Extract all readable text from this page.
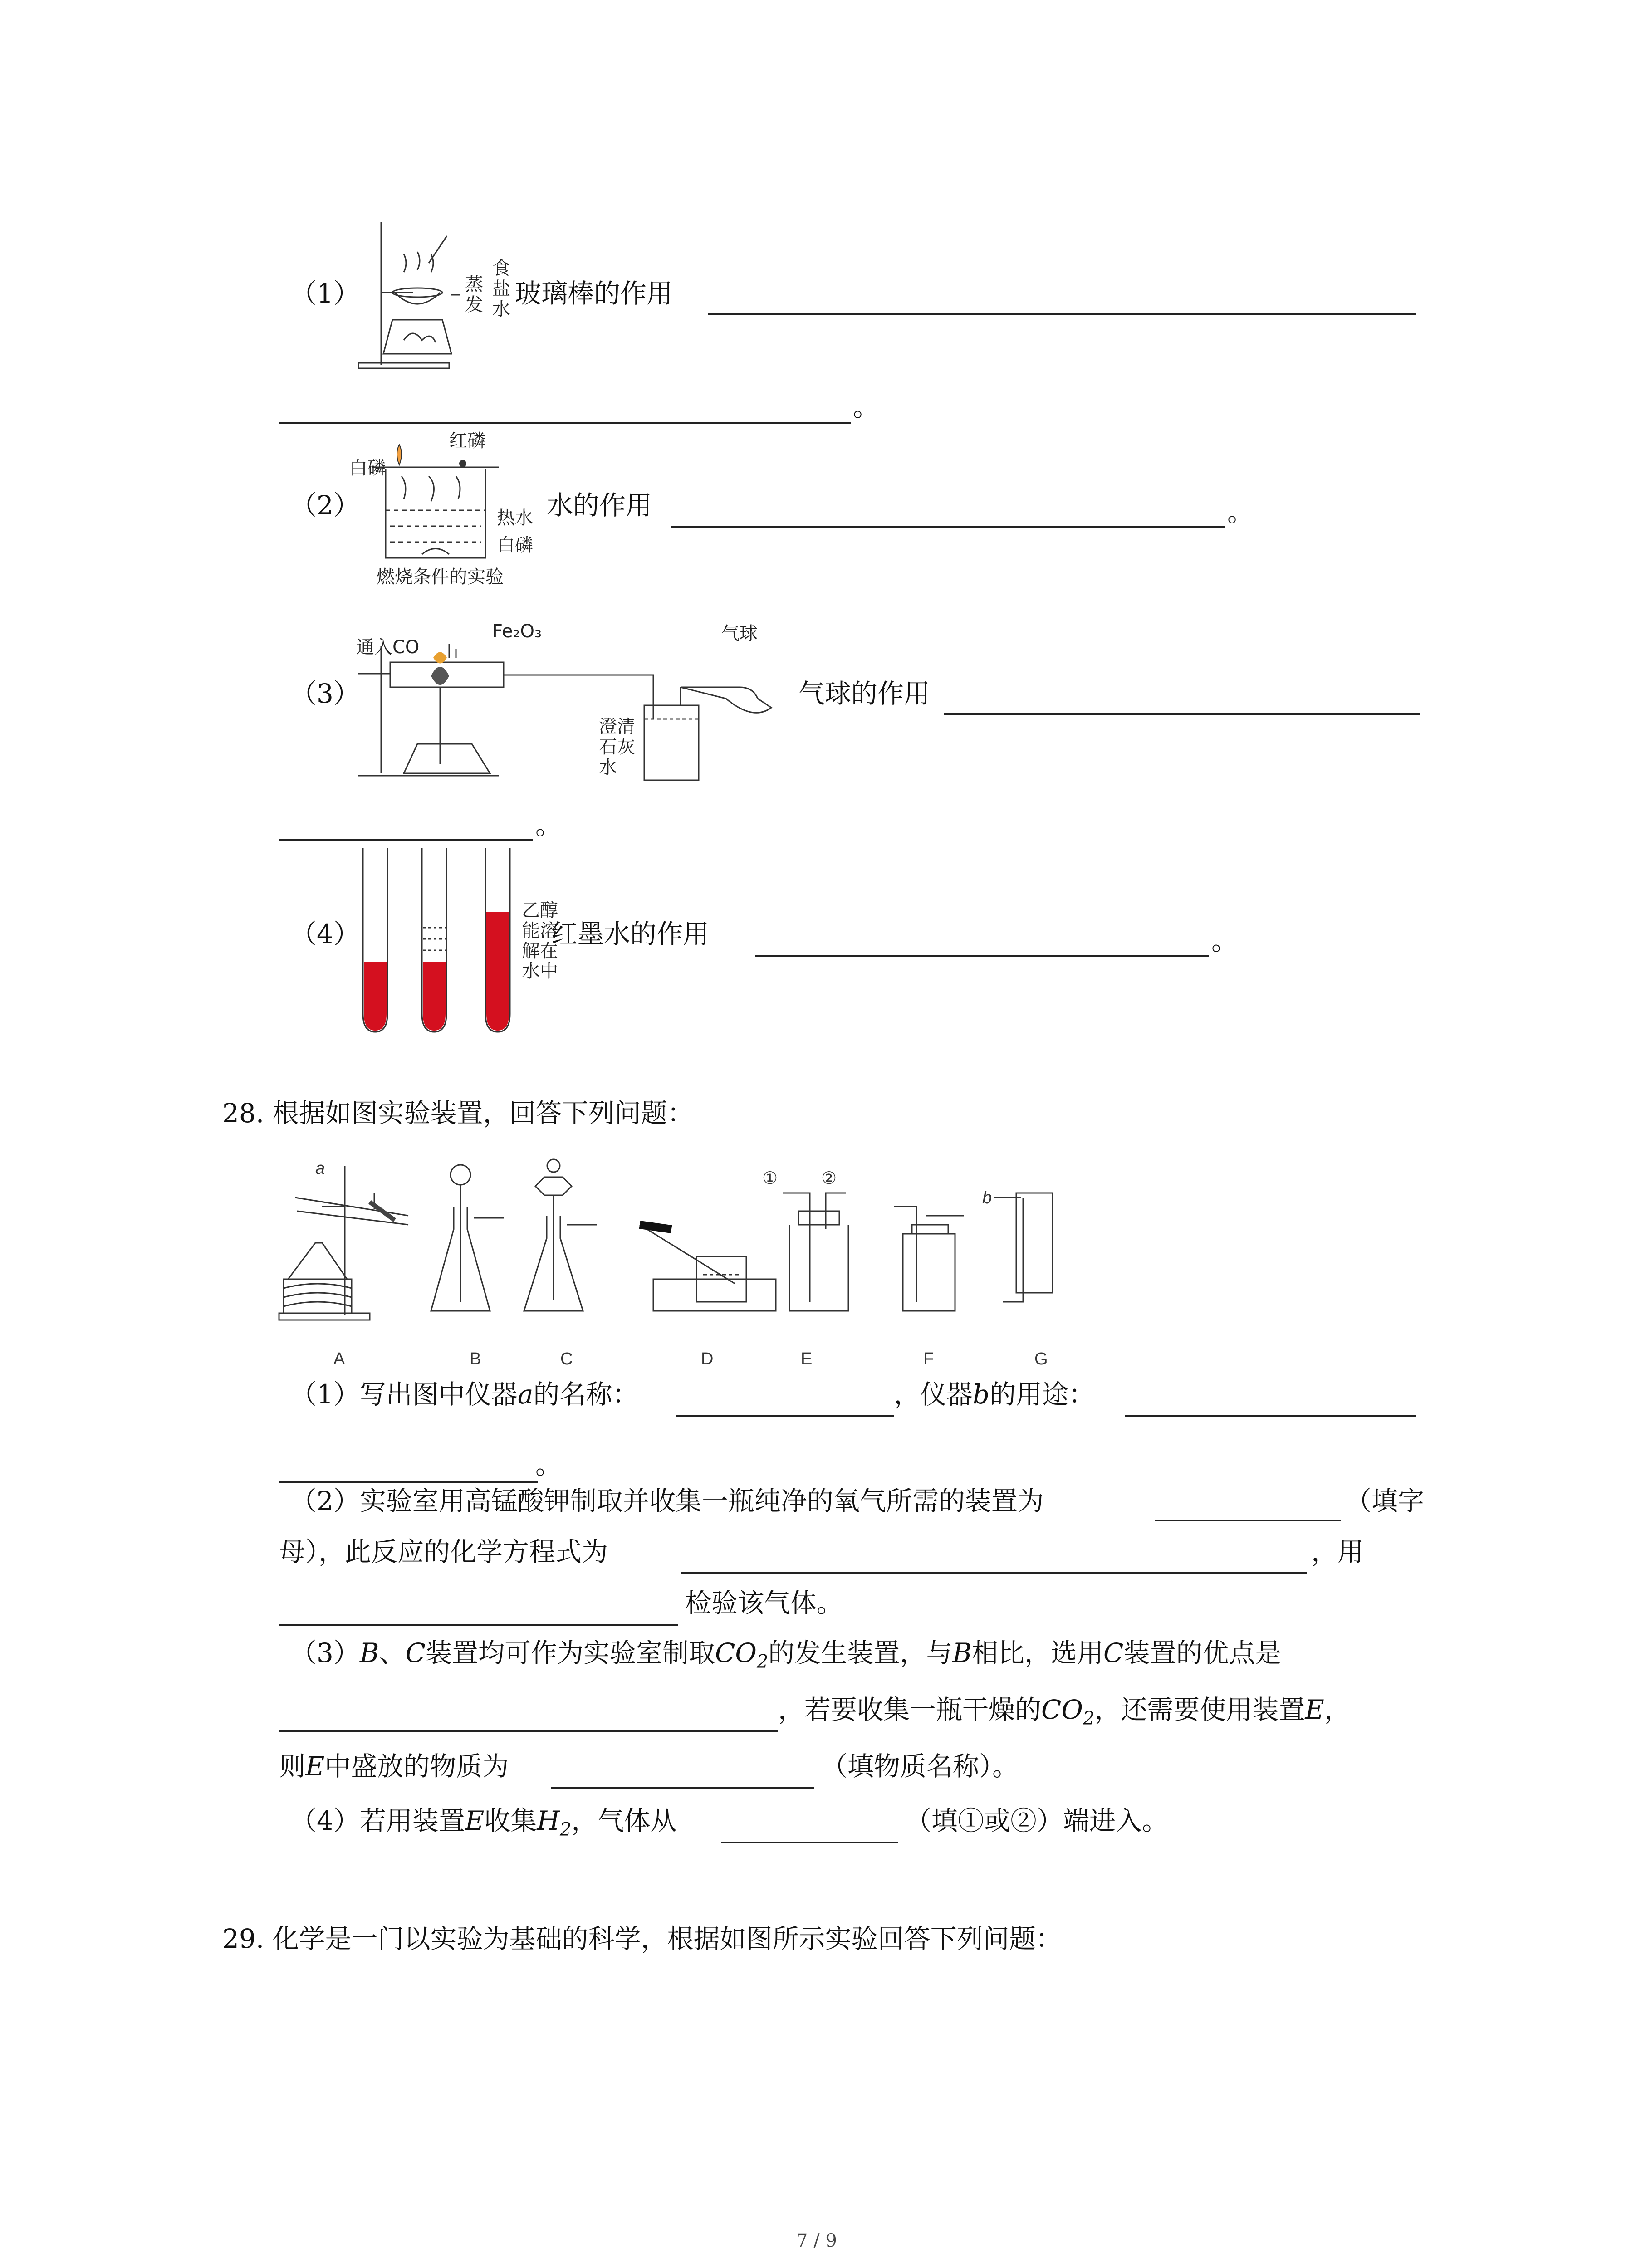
（1）	蒸
发
食
盐
水
玻璃棒的作用
。
（2）
红磷
白磷
热水
白磷
燃烧条件的实验
水的作用	。
（3）
通入CO
Fe₂O₃	气球
澄清
石灰
水
气球的作用
。
（4）
乙醇
能溶
解在
水中
红墨水的作用	。
28. 根据如图实验装置，回答下列问题：
a
b
①	②
A	B	C	D	E	F	G
（1）写出图中仪器a的名称：	，仪器b的用途：
。
（2）实验室用高锰酸钾制取并收集一瓶纯净的氧气所需的装置为	（填字
母），此反应的化学方程式为	，用
检验该气体。
（3）B、C装置均可作为实验室制取$CO_2$的发生装置，与B相比，选用C装置的优点是
，若要收集一瓶干燥的$CO_2$，还需要使用装置E，
则E中盛放的物质为	（填物质名称）。
（4）若用装置E收集$H_2$，气体从	（填①或②）端进入。
29. 化学是一门以实验为基础的科学，根据如图所示实验回答下列问题：
7 / 9
